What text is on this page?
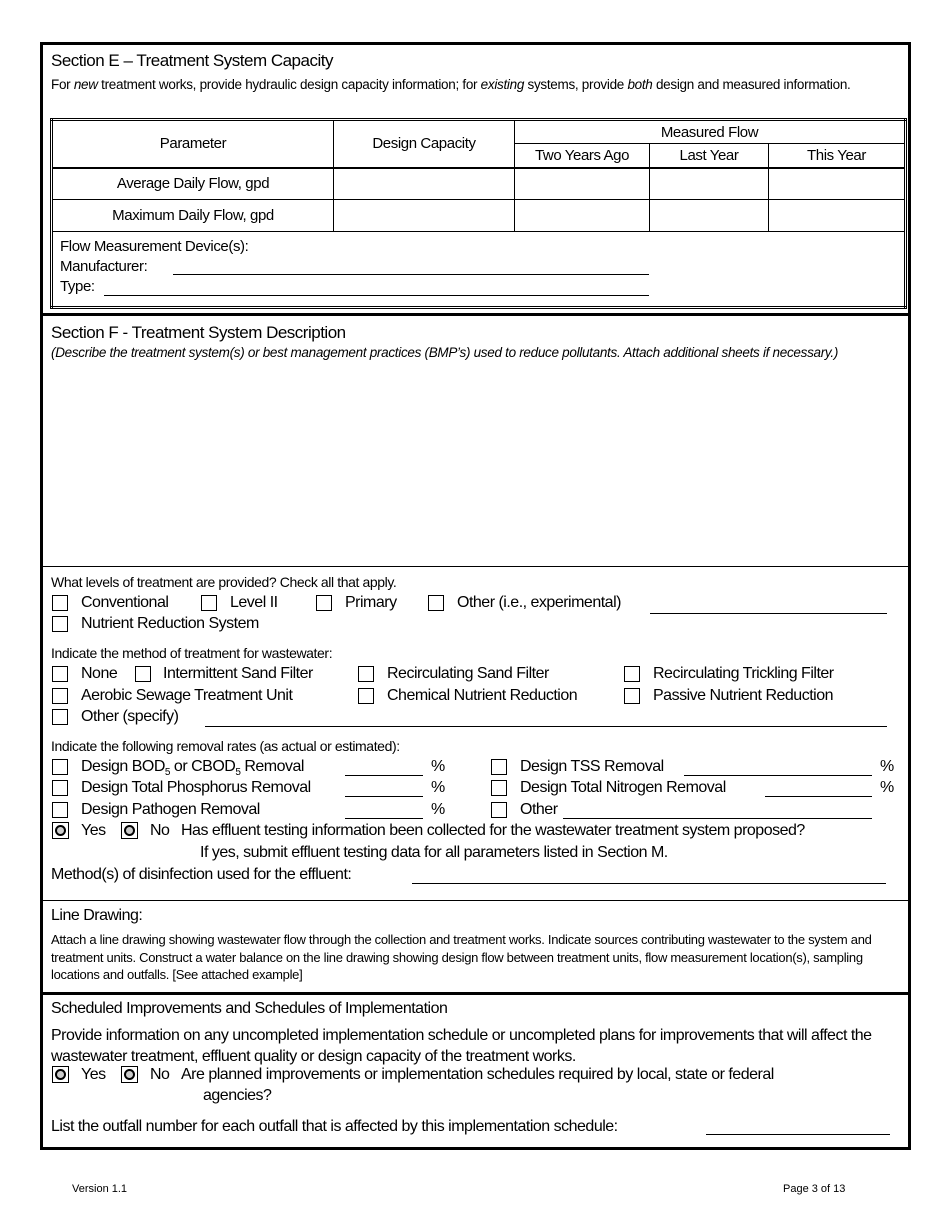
Section E – Treatment System Capacity
For new treatment works, provide hydraulic design capacity information; for existing systems, provide both design and measured information.
Parameter	Design Capacity	Measured Flow		
		Two Years Ago	Last Year	This Year
Average Daily Flow, gpd				
Maximum Daily Flow, gpd				

Flow Measurement Device(s):
Manufacturer:
Type:
Section F - Treatment System Description
(Describe the treatment system(s) or best management practices (BMP’s) used to reduce pollutants. Attach additional sheets if necessary.)
What levels of treatment are provided? Check all that apply.
Conventional	Level II	Primary	Other (i.e., experimental)
Nutrient Reduction System
Indicate the method of treatment for wastewater:
None	Intermittent Sand Filter	Recirculating Sand Filter	Recirculating Trickling Filter
Aerobic Sewage Treatment Unit	Chemical Nutrient Reduction	Passive Nutrient Reduction
Other (specify)
Indicate the following removal rates (as actual or estimated):
Design $BOD_5$ or $CBOD_5$ Removal	%	Design TSS Removal	%
Design Total Phosphorus Removal	%	Design Total Nitrogen Removal	%
Design Pathogen Removal	%	Other
Yes	No Has effluent testing information been collected for the wastewater treatment system proposed?
If yes, submit effluent testing data for all parameters listed in Section M.
Method(s) of disinfection used for the effluent:
Line Drawing:
Attach a line drawing showing wastewater flow through the collection and treatment works. Indicate sources contributing wastewater to the system and treatment units. Construct a water balance on the line drawing showing design flow between treatment units, flow measurement location(s), sampling locations and outfalls. [See attached example]
Scheduled Improvements and Schedules of Implementation
Provide information on any uncompleted implementation schedule or uncompleted plans for improvements that will affect the wastewater treatment, effluent quality or design capacity of the treatment works.
Yes	No Are planned improvements or implementation schedules required by local, state or federal
agencies?
List the outfall number for each outfall that is affected by this implementation schedule:
Version 1.1	Page 3 of 13
